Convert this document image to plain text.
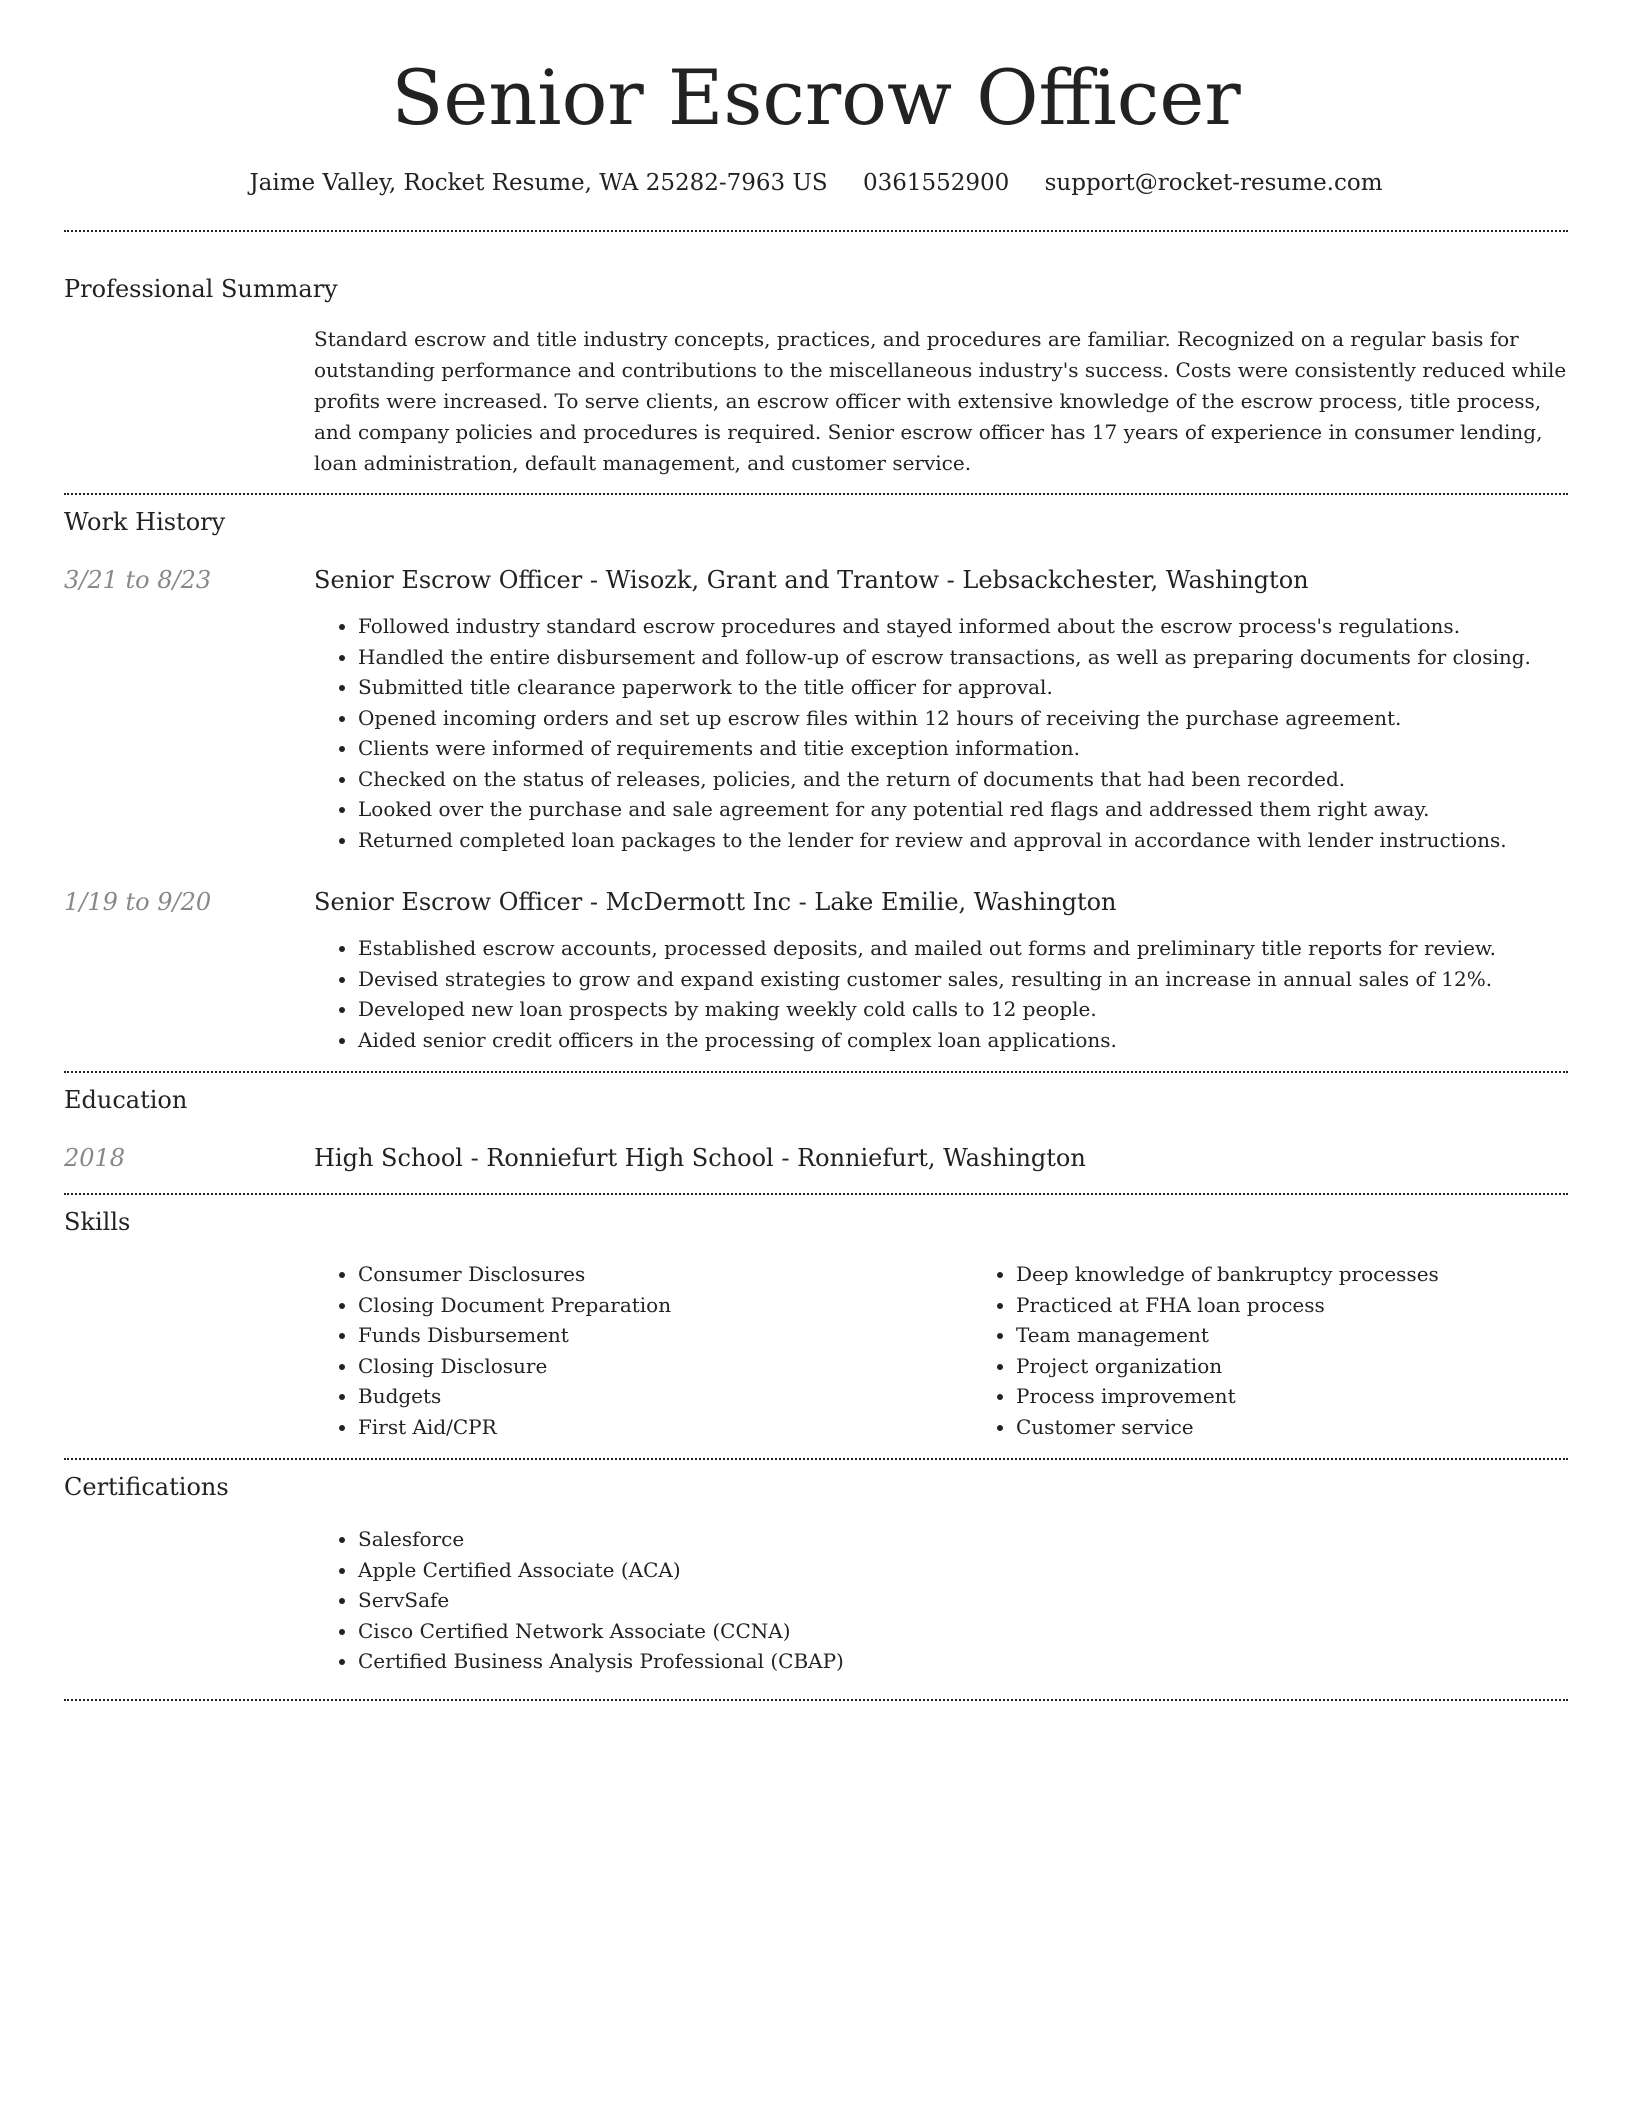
Senior Escrow Officer
Jaime Valley, Rocket Resume, WA 25282-7963 US 0361552900 support@rocket-resume.com
Professional Summary

Standard escrow and title industry concepts, practices, and procedures are familiar. Recognized on a regular basis for outstanding performance and contributions to the miscellaneous industry's success. Costs were consistently reduced while profits were increased. To serve clients, an escrow officer with extensive knowledge of the escrow process, title process, and company policies and procedures is required. Senior escrow officer has 17 years of experience in consumer lending, loan administration, default management, and customer service.

Work History
3/21 to 8/23	Senior Escrow Officer - Wisozk, Grant and Trantow - Lebsackchester, Washington
• Followed industry standard escrow procedures and stayed informed about the escrow process's regulations.
• Handled the entire disbursement and follow-up of escrow transactions, as well as preparing documents for closing.
• Submitted title clearance paperwork to the title officer for approval.
• Opened incoming orders and set up escrow files within 12 hours of receiving the purchase agreement.
• Clients were informed of requirements and titie exception information.
• Checked on the status of releases, policies, and the return of documents that had been recorded.
• Looked over the purchase and sale agreement for any potential red flags and addressed them right away.
• Returned completed loan packages to the lender for review and approval in accordance with lender instructions.
1/19 to 9/20	Senior Escrow Officer - McDermott Inc - Lake Emilie, Washington
• Established escrow accounts, processed deposits, and mailed out forms and preliminary title reports for review.
• Devised strategies to grow and expand existing customer sales, resulting in an increase in annual sales of 12%.
• Developed new loan prospects by making weekly cold calls to 12 people.
• Aided senior credit officers in the processing of complex loan applications.
Education
2018	High School - Ronniefurt High School - Ronniefurt, Washington
Skills
• Consumer Disclosures
• Closing Document Preparation
• Funds Disbursement
• Closing Disclosure
• Budgets
• First Aid/CPR
• Deep knowledge of bankruptcy processes
• Practiced at FHA loan process
• Team management
• Project organization
• Process improvement
• Customer service
Certifications
• Salesforce
• Apple Certified Associate (ACA)
• ServSafe
• Cisco Certified Network Associate (CCNA)
• Certified Business Analysis Professional (CBAP)
